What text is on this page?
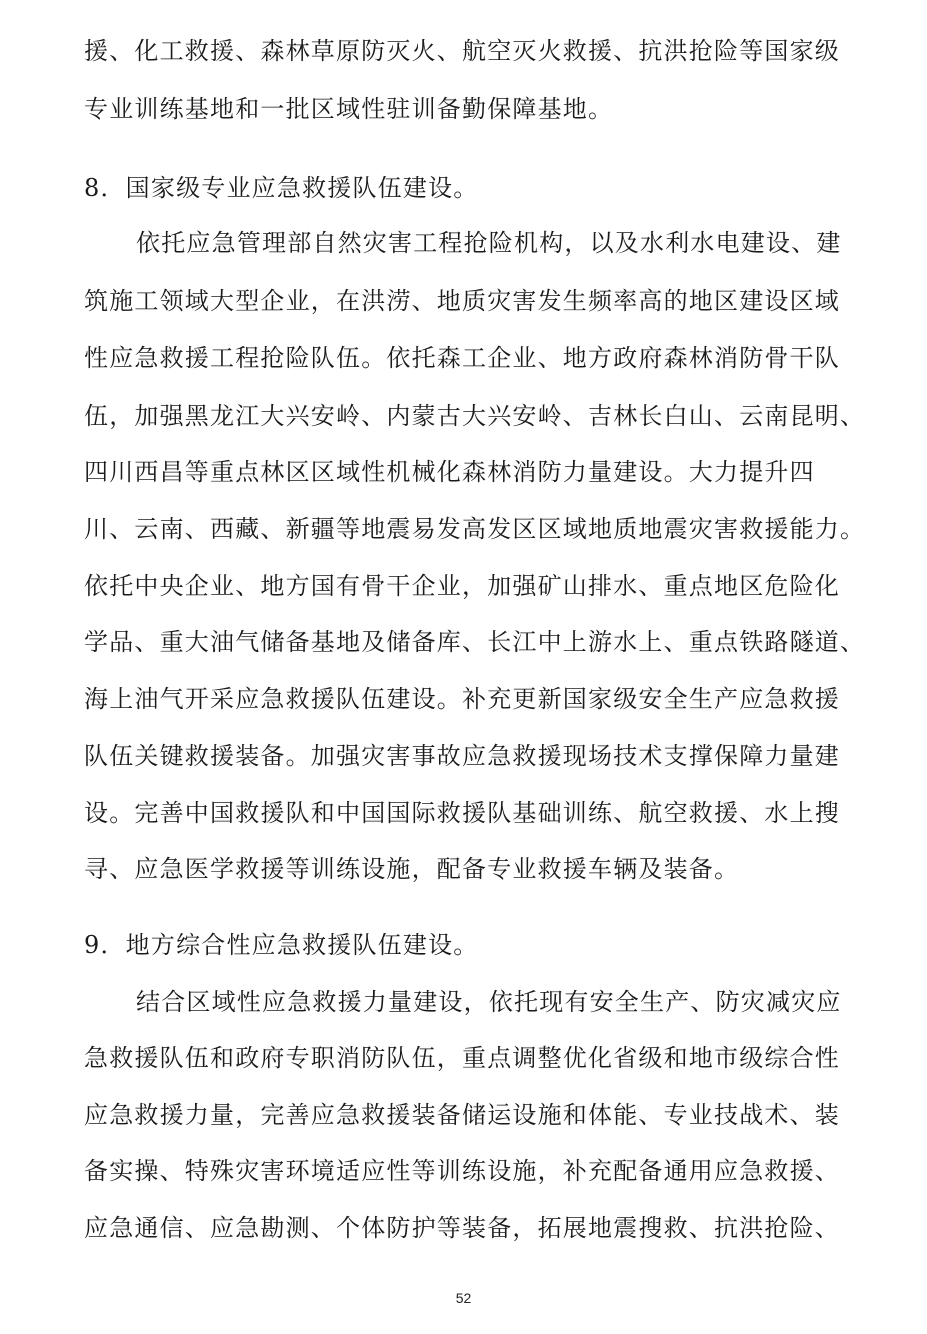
援、化工救援、森林草原防灭火、航空灭火救援、抗洪抢险等国家级
专业训练基地和一批区域性驻训备勤保障基地。
8．国家级专业应急救援队伍建设。
依托应急管理部自然灾害工程抢险机构，以及水利水电建设、建
筑施工领域大型企业，在洪涝、地质灾害发生频率高的地区建设区域
性应急救援工程抢险队伍。依托森工企业、地方政府森林消防骨干队
伍，加强黑龙江大兴安岭、内蒙古大兴安岭、吉林长白山、云南昆明、
四川西昌等重点林区区域性机械化森林消防力量建设。大力提升四
川、云南、西藏、新疆等地震易发高发区区域地质地震灾害救援能力。
依托中央企业、地方国有骨干企业，加强矿山排水、重点地区危险化
学品、重大油气储备基地及储备库、长江中上游水上、重点铁路隧道、
海上油气开采应急救援队伍建设。补充更新国家级安全生产应急救援
队伍关键救援装备。加强灾害事故应急救援现场技术支撑保障力量建
设。完善中国救援队和中国国际救援队基础训练、航空救援、水上搜
寻、应急医学救援等训练设施，配备专业救援车辆及装备。
9．地方综合性应急救援队伍建设。
结合区域性应急救援力量建设，依托现有安全生产、防灾减灾应
急救援队伍和政府专职消防队伍，重点调整优化省级和地市级综合性
应急救援力量，完善应急救援装备储运设施和体能、专业技战术、装
备实操、特殊灾害环境适应性等训练设施，补充配备通用应急救援、
应急通信、应急勘测、个体防护等装备，拓展地震搜救、抗洪抢险、
52
